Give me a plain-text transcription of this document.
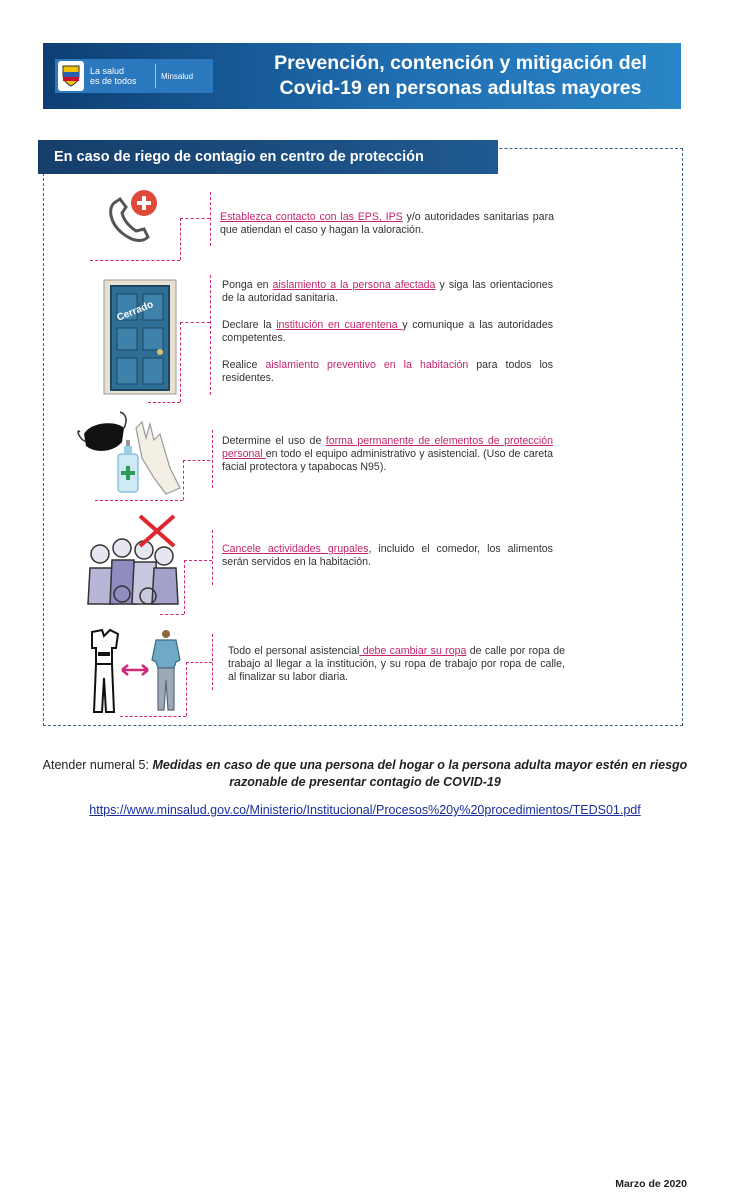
La salud
es de todos	Minsalud
Prevención, contención y mitigación del
Covid-19 en personas adultas mayores
En caso de riego de contagio en centro de protección
Establezca contacto con las EPS, IPS y/o autoridades sanitarias para que atiendan el caso y hagan la valoración.
Cerrado

Ponga en aislamiento a la persona afectada y siga las orientaciones de la autoridad sanitaria.

Declare la institución en cuarentena y comunique a las autoridades competentes.

Realice aislamiento preventivo en la habitación para todos los residentes.

Determine el uso de forma permanente de elementos de protección personal en todo el equipo administrativo y asistencial. (Uso de careta facial protectora y tapabocas N95).
Cancele actividades grupales, incluido el comedor, los alimentos serán servidos en la habitación.
Todo el personal asistencial debe cambiar su ropa de calle por ropa de trabajo al llegar a la institución, y su ropa de trabajo por ropa de calle, al finalizar su labor diaria.
Atender numeral 5: Medidas en caso de que una persona del hogar o la persona adulta mayor estén en riesgo razonable de presentar contagio de COVID-19
https://www.minsalud.gov.co/Ministerio/Institucional/Procesos%20y%20procedimientos/TEDS01.pdf
Marzo de 2020
